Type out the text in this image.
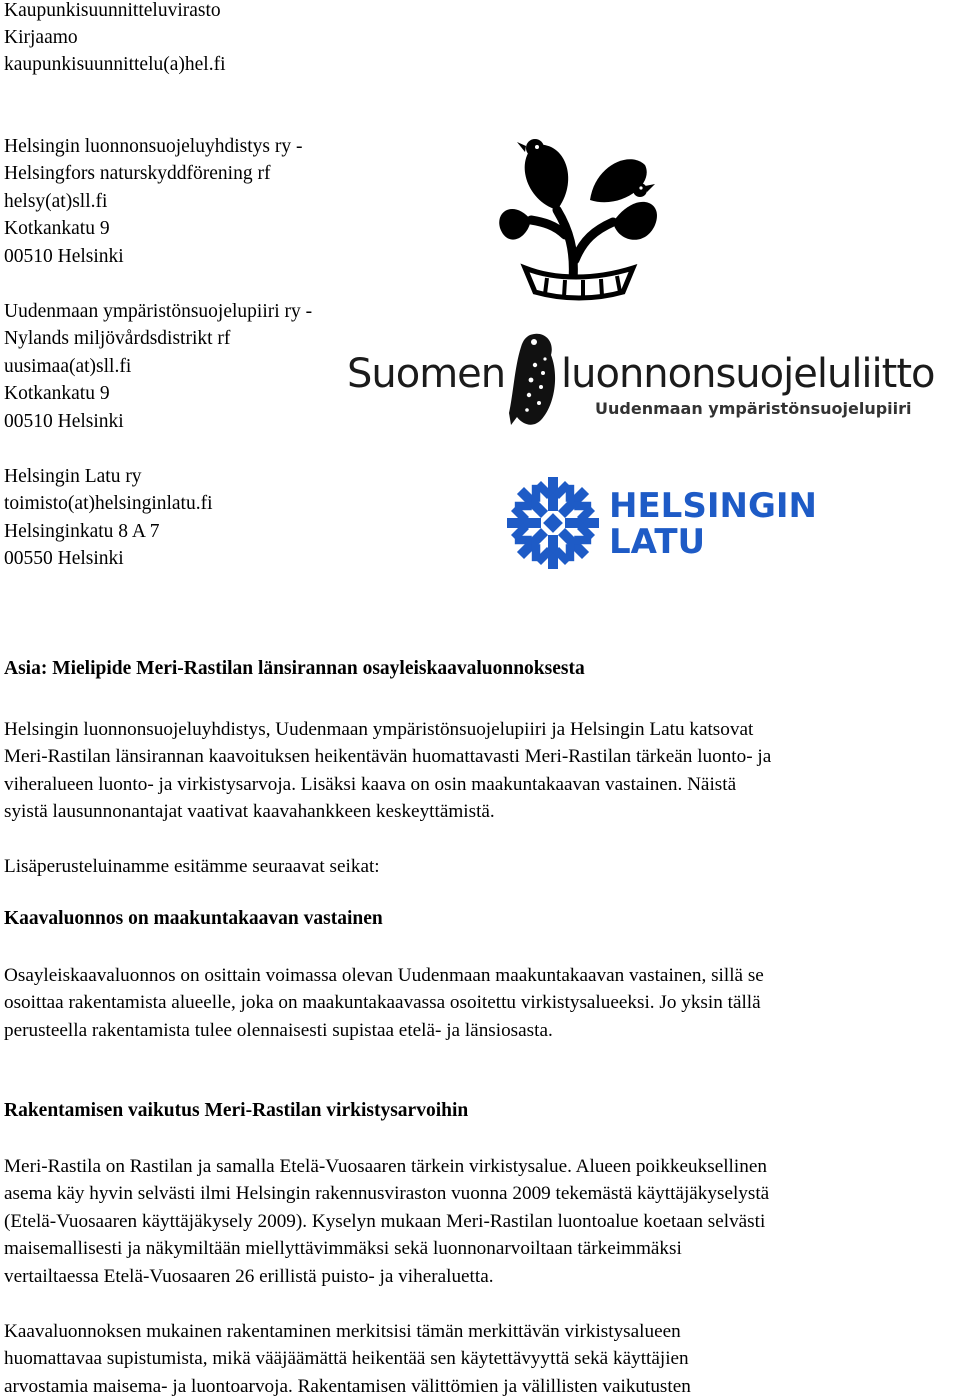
Kaupunkisuunnitteluvirasto
Kirjaamo
kaupunkisuunnittelu(a)hel.fi
Helsingin luonnonsuojeluyhdistys ry -
Helsingfors naturskyddförening rf
helsy(at)sll.fi
Kotkankatu 9
00510 Helsinki
Uudenmaan ympäristönsuojelupiiri ry -
Nylands miljövårdsdistrikt rf
uusimaa(at)sll.fi
Kotkankatu 9
00510 Helsinki
Helsingin Latu ry
toimisto(at)helsinginlatu.fi
Helsinginkatu 8 A 7
00550 Helsinki
Suomen luonnonsuojeluliitto
Uudenmaan ympäristönsuojelupiiri
HELSINGIN
LATU
Asia: Mielipide Meri-Rastilan länsirannan osayleiskaavaluonnoksesta

Helsingin luonnonsuojeluyhdistys, Uudenmaan ympäristönsuojelupiiri ja Helsingin Latu katsovat

Meri-Rastilan länsirannan kaavoituksen heikentävän huomattavasti Meri-Rastilan tärkeän luonto- ja

viheralueen luonto- ja virkistysarvoja. Lisäksi kaava on osin maakuntakaavan vastainen. Näistä

syistä lausunnonantajat vaativat kaavahankkeen keskeyttämistä.

Lisäperusteluinamme esitämme seuraavat seikat:

Kaavaluonnos on maakuntakaavan vastainen

Osayleiskaavaluonnos on osittain voimassa olevan Uudenmaan maakuntakaavan vastainen, sillä se

osoittaa rakentamista alueelle, joka on maakuntakaavassa osoitettu virkistysalueeksi. Jo yksin tällä

perusteella rakentamista tulee olennaisesti supistaa etelä- ja länsiosasta.

Rakentamisen vaikutus Meri-Rastilan virkistysarvoihin

Meri-Rastila on Rastilan ja samalla Etelä-Vuosaaren tärkein virkistysalue. Alueen poikkeuksellinen

asema käy hyvin selvästi ilmi Helsingin rakennusviraston vuonna 2009 tekemästä käyttäjäkyselystä

(Etelä-Vuosaaren käyttäjäkysely 2009). Kyselyn mukaan Meri-Rastilan luontoalue koetaan selvästi

maisemallisesti ja näkymiltään miellyttävimmäksi sekä luonnonarvoiltaan tärkeimmäksi

vertailtaessa Etelä-Vuosaaren 26 erillistä puisto- ja viheraluetta.

Kaavaluonnoksen mukainen rakentaminen merkitsisi tämän merkittävän virkistysalueen

huomattavaa supistumista, mikä vääjäämättä heikentää sen käytettävyyttä sekä käyttäjien

arvostamia maisema- ja luontoarvoja. Rakentamisen välittömien ja välillisten vaikutusten
